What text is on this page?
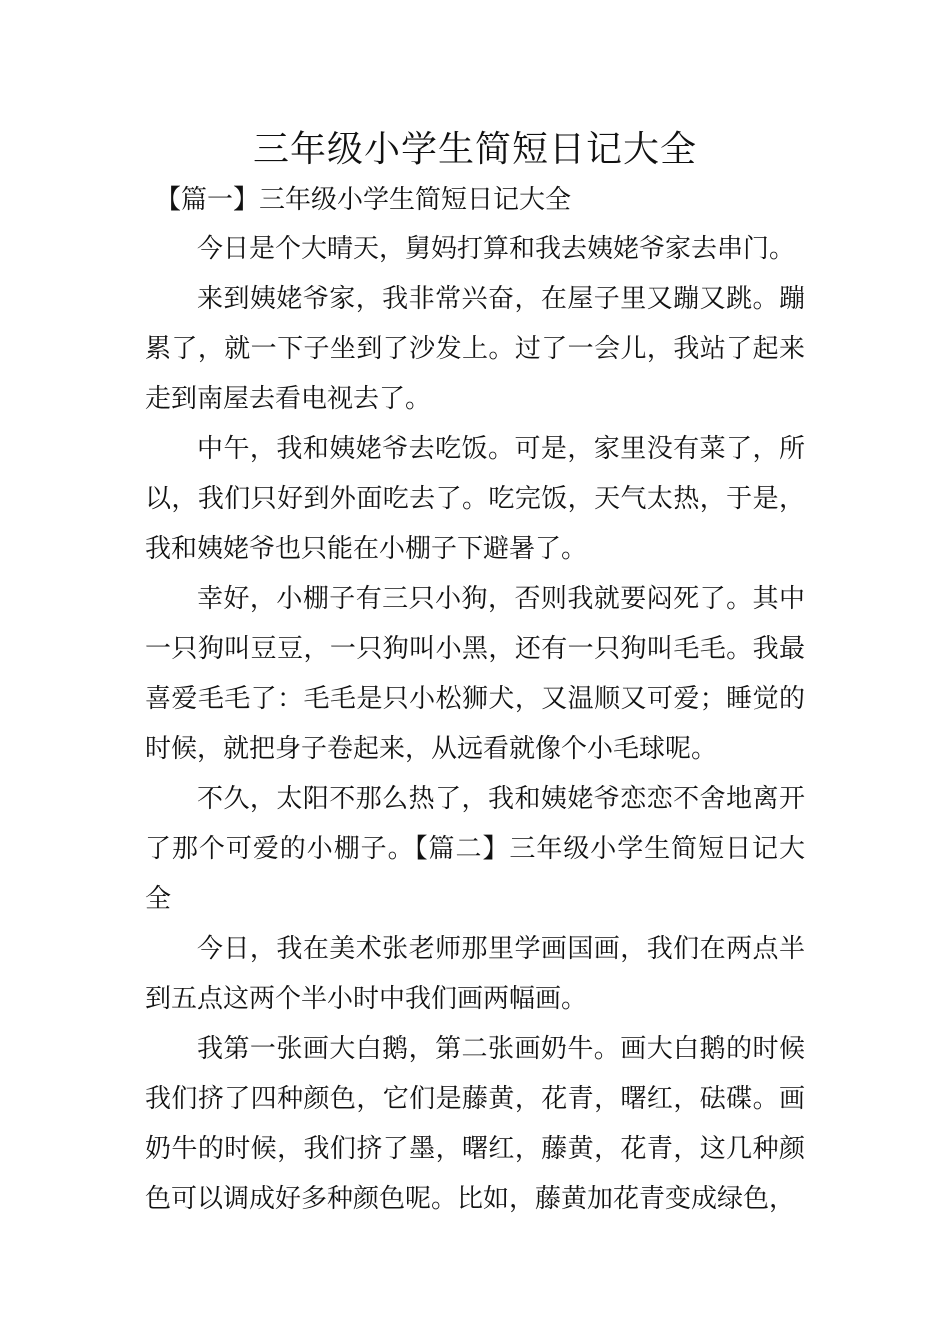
三年级小学生简短日记大全
【篇一】三年级小学生简短日记大全

今日是个大晴天，舅妈打算和我去姨姥爷家去串门。

来到姨姥爷家，我非常兴奋，在屋子里又蹦又跳。蹦累了，就一下子坐到了沙发上。过了一会儿，我站了起来走到南屋去看电视去了。

中午，我和姨姥爷去吃饭。可是，家里没有菜了，所以，我们只好到外面吃去了。吃完饭，天气太热，于是，我和姨姥爷也只能在小棚子下避暑了。

幸好，小棚子有三只小狗，否则我就要闷死了。其中一只狗叫豆豆，一只狗叫小黑，还有一只狗叫毛毛。我最喜爱毛毛了：毛毛是只小松狮犬，又温顺又可爱；睡觉的时候，就把身子卷起来，从远看就像个小毛球呢。

不久，太阳不那么热了，我和姨姥爷恋恋不舍地离开了那个可爱的小棚子。【篇二】三年级小学生简短日记大全

今日，我在美术张老师那里学画国画，我们在两点半到五点这两个半小时中我们画两幅画。

我第一张画大白鹅，第二张画奶牛。画大白鹅的时候我们挤了四种颜色，它们是藤黄，花青，曙红，砝碟。画奶牛的时候，我们挤了墨，曙红，藤黄，花青，这几种颜色可以调成好多种颜色呢。比如，藤黄加花青变成绿色，
